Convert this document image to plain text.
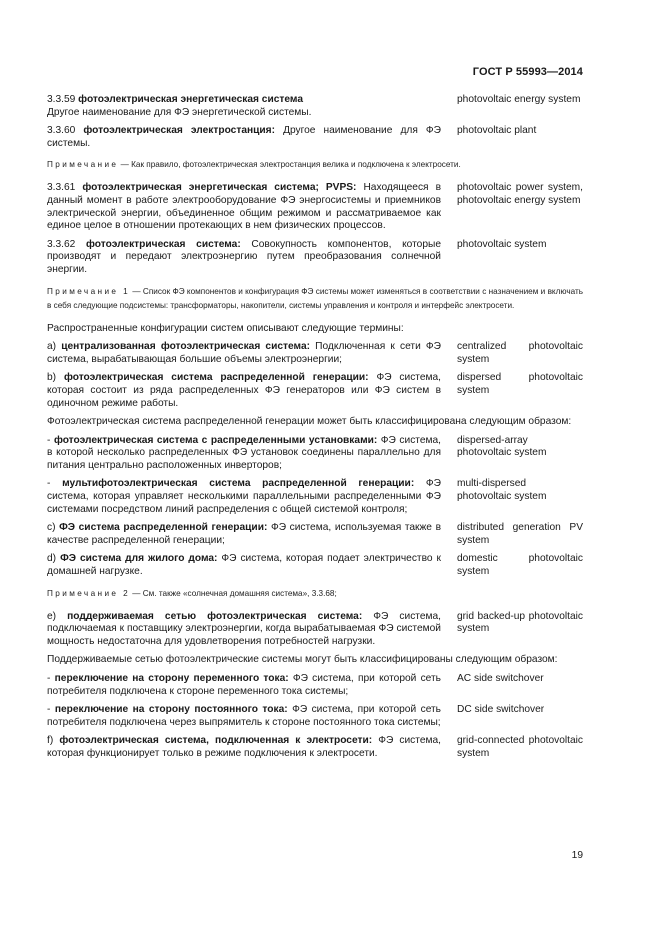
ГОСТ Р 55993—2014
3.3.59 фотоэлектрическая энергетическая система
Другое наименование для ФЭ энергетической системы.
photovoltaic energy system
3.3.60 фотоэлектрическая электростанция: Другое наименование для ФЭ системы.
photovoltaic plant
Примечание — Как правило, фотоэлектрическая электростанция велика и подключена к электросети.
3.3.61 фотоэлектрическая энергетическая система; PVPS: Находящееся в данный момент в работе электрооборудование ФЭ энергосистемы и приемников электрической энергии, объединенное общим режимом и рассматриваемое как единое целое в отношении протекающих в нем физических процессов.
photovoltaic power system, photovoltaic energy system
3.3.62 фотоэлектрическая система: Совокупность компонентов, которые производят и передают электроэнергию путем преобразования солнечной энергии.
photovoltaic system
Примечание 1 — Список ФЭ компонентов и конфигурация ФЭ системы может изменяться в соответствии с назначением и включать в себя следующие подсистемы: трансформаторы, накопители, системы управления и контроля и интерфейс электросети.
Распространенные конфигурации систем описывают следующие термины:
а) централизованная фотоэлектрическая система: Подключенная к сети ФЭ система, вырабатывающая большие объемы электроэнергии;
centralized photovoltaic system
b) фотоэлектрическая система распределенной генерации: ФЭ система, которая состоит из ряда распределенных ФЭ генераторов или ФЭ систем в одиночном режиме работы.
dispersed photovoltaic system
Фотоэлектрическая система распределенной генерации может быть классифицирована следующим образом:
- фотоэлектрическая система с распределенными установками: ФЭ система, в которой несколько распределенных ФЭ установок соединены параллельно для питания центрально расположенных инверторов;
dispersed-array photovoltaic system
- мультифотоэлектрическая система распределенной генерации: ФЭ система, которая управляет несколькими параллельными распределенными ФЭ системами посредством линий распределения с общей системой контроля;
multi-dispersed photovoltaic system
с) ФЭ система распределенной генерации: ФЭ система, используемая также в качестве распределенной генерации;
distributed generation PV system
d) ФЭ система для жилого дома: ФЭ система, которая подает электричество к домашней нагрузке.
domestic photovoltaic system
Примечание 2 — См. также «солнечная домашняя система», 3.3.68;
е) поддерживаемая сетью фотоэлектрическая система: ФЭ система, подключаемая к поставщику электроэнергии, когда вырабатываемая ФЭ системой мощность недостаточна для удовлетворения потребностей нагрузки.
grid backed-up photovoltaic system
Поддерживаемые сетью фотоэлектрические системы могут быть классифицированы следующим образом:
- переключение на сторону переменного тока: ФЭ система, при которой сеть потребителя подключена к стороне переменного тока системы;
AC side switchover
- переключение на сторону постоянного тока: ФЭ система, при которой сеть потребителя подключена через выпрямитель к стороне постоянного тока системы;
DC side switchover
f) фотоэлектрическая система, подключенная к электросети: ФЭ система, которая функционирует только в режиме подключения к электросети.
grid-connected photovoltaic system
19
